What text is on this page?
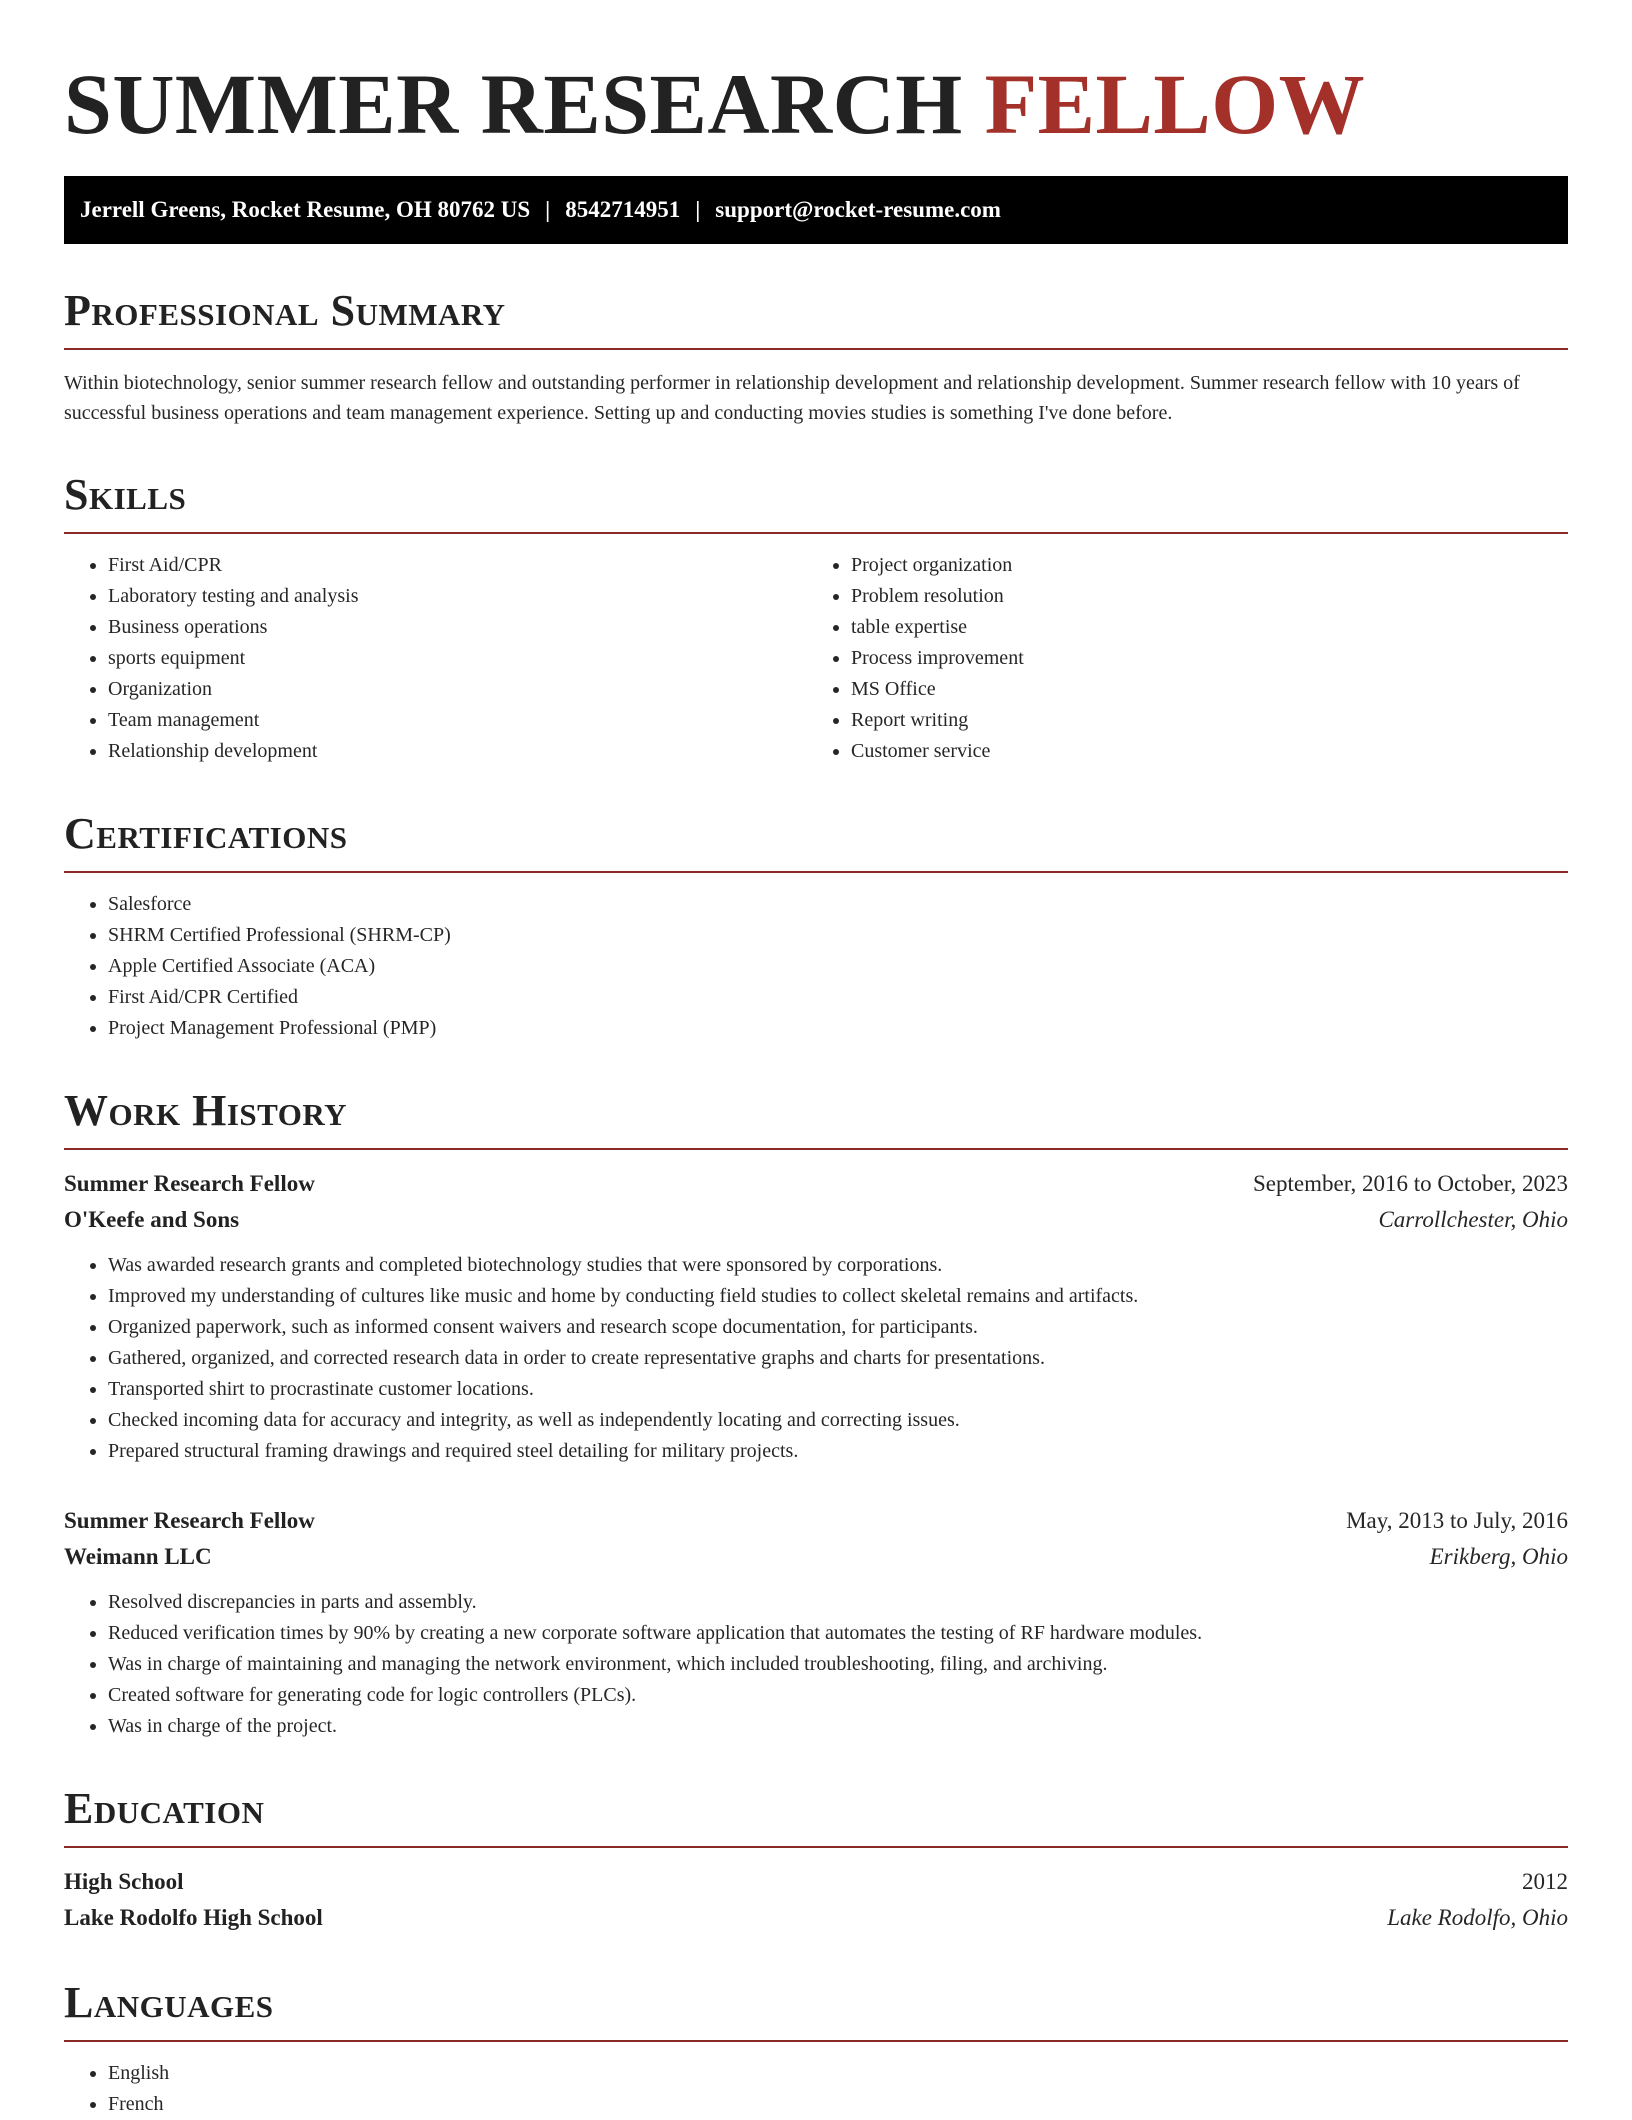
SUMMER RESEARCH FELLOW
Jerrell Greens, Rocket Resume, OH 80762 US | 8542714951 | support@rocket-resume.com
Professional Summary

Within biotechnology, senior summer research fellow and outstanding performer in relationship development and relationship development. Summer research fellow with 10 years of successful business operations and team management experience. Setting up and conducting movies studies is something I've done before.

Skills
• First Aid/CPR
• Laboratory testing and analysis
• Business operations
• sports equipment
• Organization
• Team management
• Relationship development
• Project organization
• Problem resolution
• table expertise
• Process improvement
• MS Office
• Report writing
• Customer service
Certifications
• Salesforce
• SHRM Certified Professional (SHRM-CP)
• Apple Certified Associate (ACA)
• First Aid/CPR Certified
• Project Management Professional (PMP)
Work History
Summer Research Fellow	September, 2016 to October, 2023
O'Keefe and Sons	Carrollchester, Ohio
• Was awarded research grants and completed biotechnology studies that were sponsored by corporations.
• Improved my understanding of cultures like music and home by conducting field studies to collect skeletal remains and artifacts.
• Organized paperwork, such as informed consent waivers and research scope documentation, for participants.
• Gathered, organized, and corrected research data in order to create representative graphs and charts for presentations.
• Transported shirt to procrastinate customer locations.
• Checked incoming data for accuracy and integrity, as well as independently locating and correcting issues.
• Prepared structural framing drawings and required steel detailing for military projects.
Summer Research Fellow	May, 2013 to July, 2016
Weimann LLC	Erikberg, Ohio
• Resolved discrepancies in parts and assembly.
• Reduced verification times by 90% by creating a new corporate software application that automates the testing of RF hardware modules.
• Was in charge of maintaining and managing the network environment, which included troubleshooting, filing, and archiving.
• Created software for generating code for logic controllers (PLCs).
• Was in charge of the project.
Education
High School	2012
Lake Rodolfo High School	Lake Rodolfo, Ohio
Languages
• English
• French
